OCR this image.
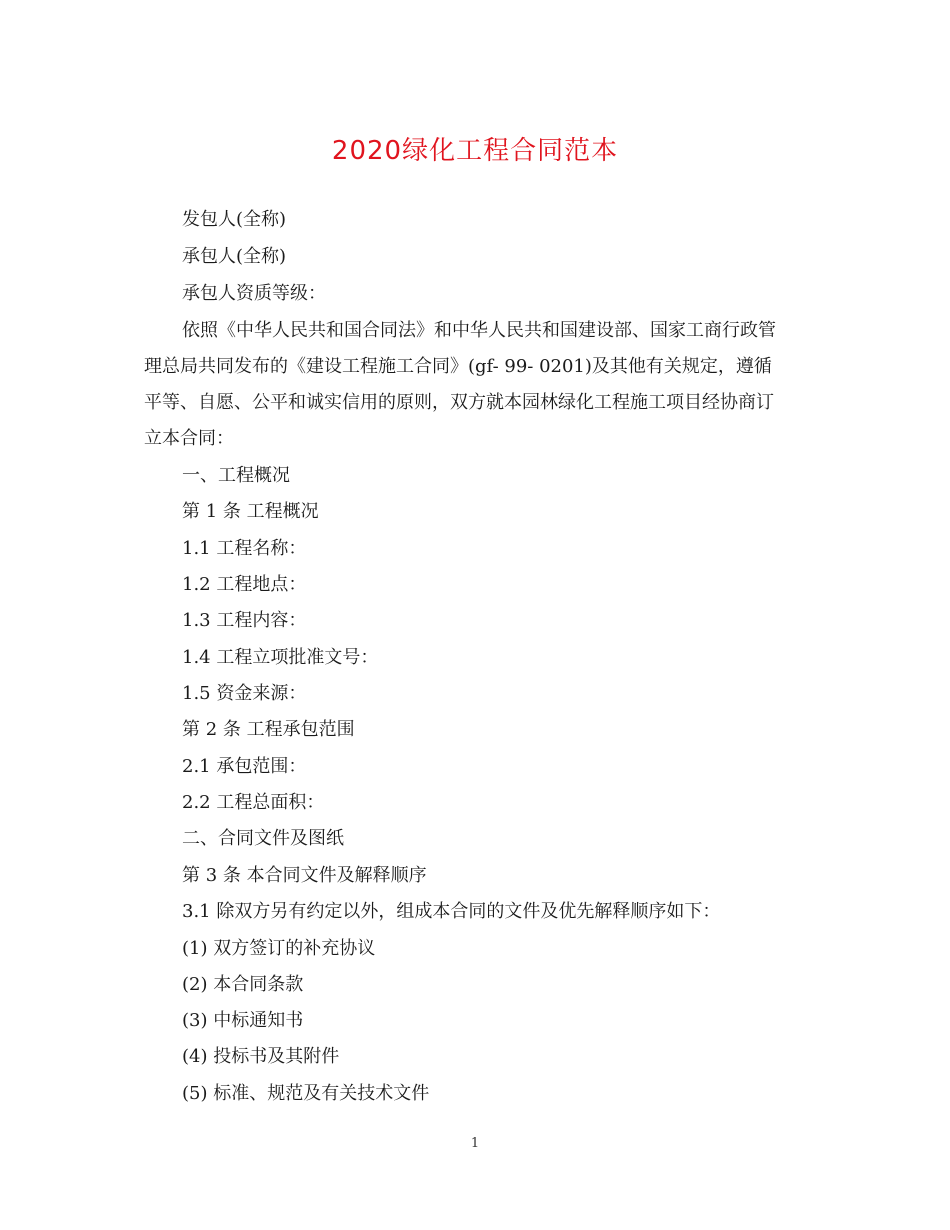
2020绿化工程合同范本
发包人(全称)
承包人(全称)
承包人资质等级：
依照《中华人民共和国合同法》和中华人民共和国建设部、国家工商行政管
理总局共同发布的《建设工程施工合同》(gf- 99- 0201)及其他有关规定，遵循
平等、自愿、公平和诚实信用的原则，双方就本园林绿化工程施工项目经协商订
立本合同：
一、工程概况
第 1 条 工程概况
1.1 工程名称：
1.2 工程地点：
1.3 工程内容：
1.4 工程立项批准文号：
1.5 资金来源：
第 2 条 工程承包范围
2.1 承包范围：
2.2 工程总面积：
二、合同文件及图纸
第 3 条 本合同文件及解释顺序
3.1 除双方另有约定以外，组成本合同的文件及优先解释顺序如下：
(1) 双方签订的补充协议
(2) 本合同条款
(3) 中标通知书
(4) 投标书及其附件
(5) 标准、规范及有关技术文件
1
